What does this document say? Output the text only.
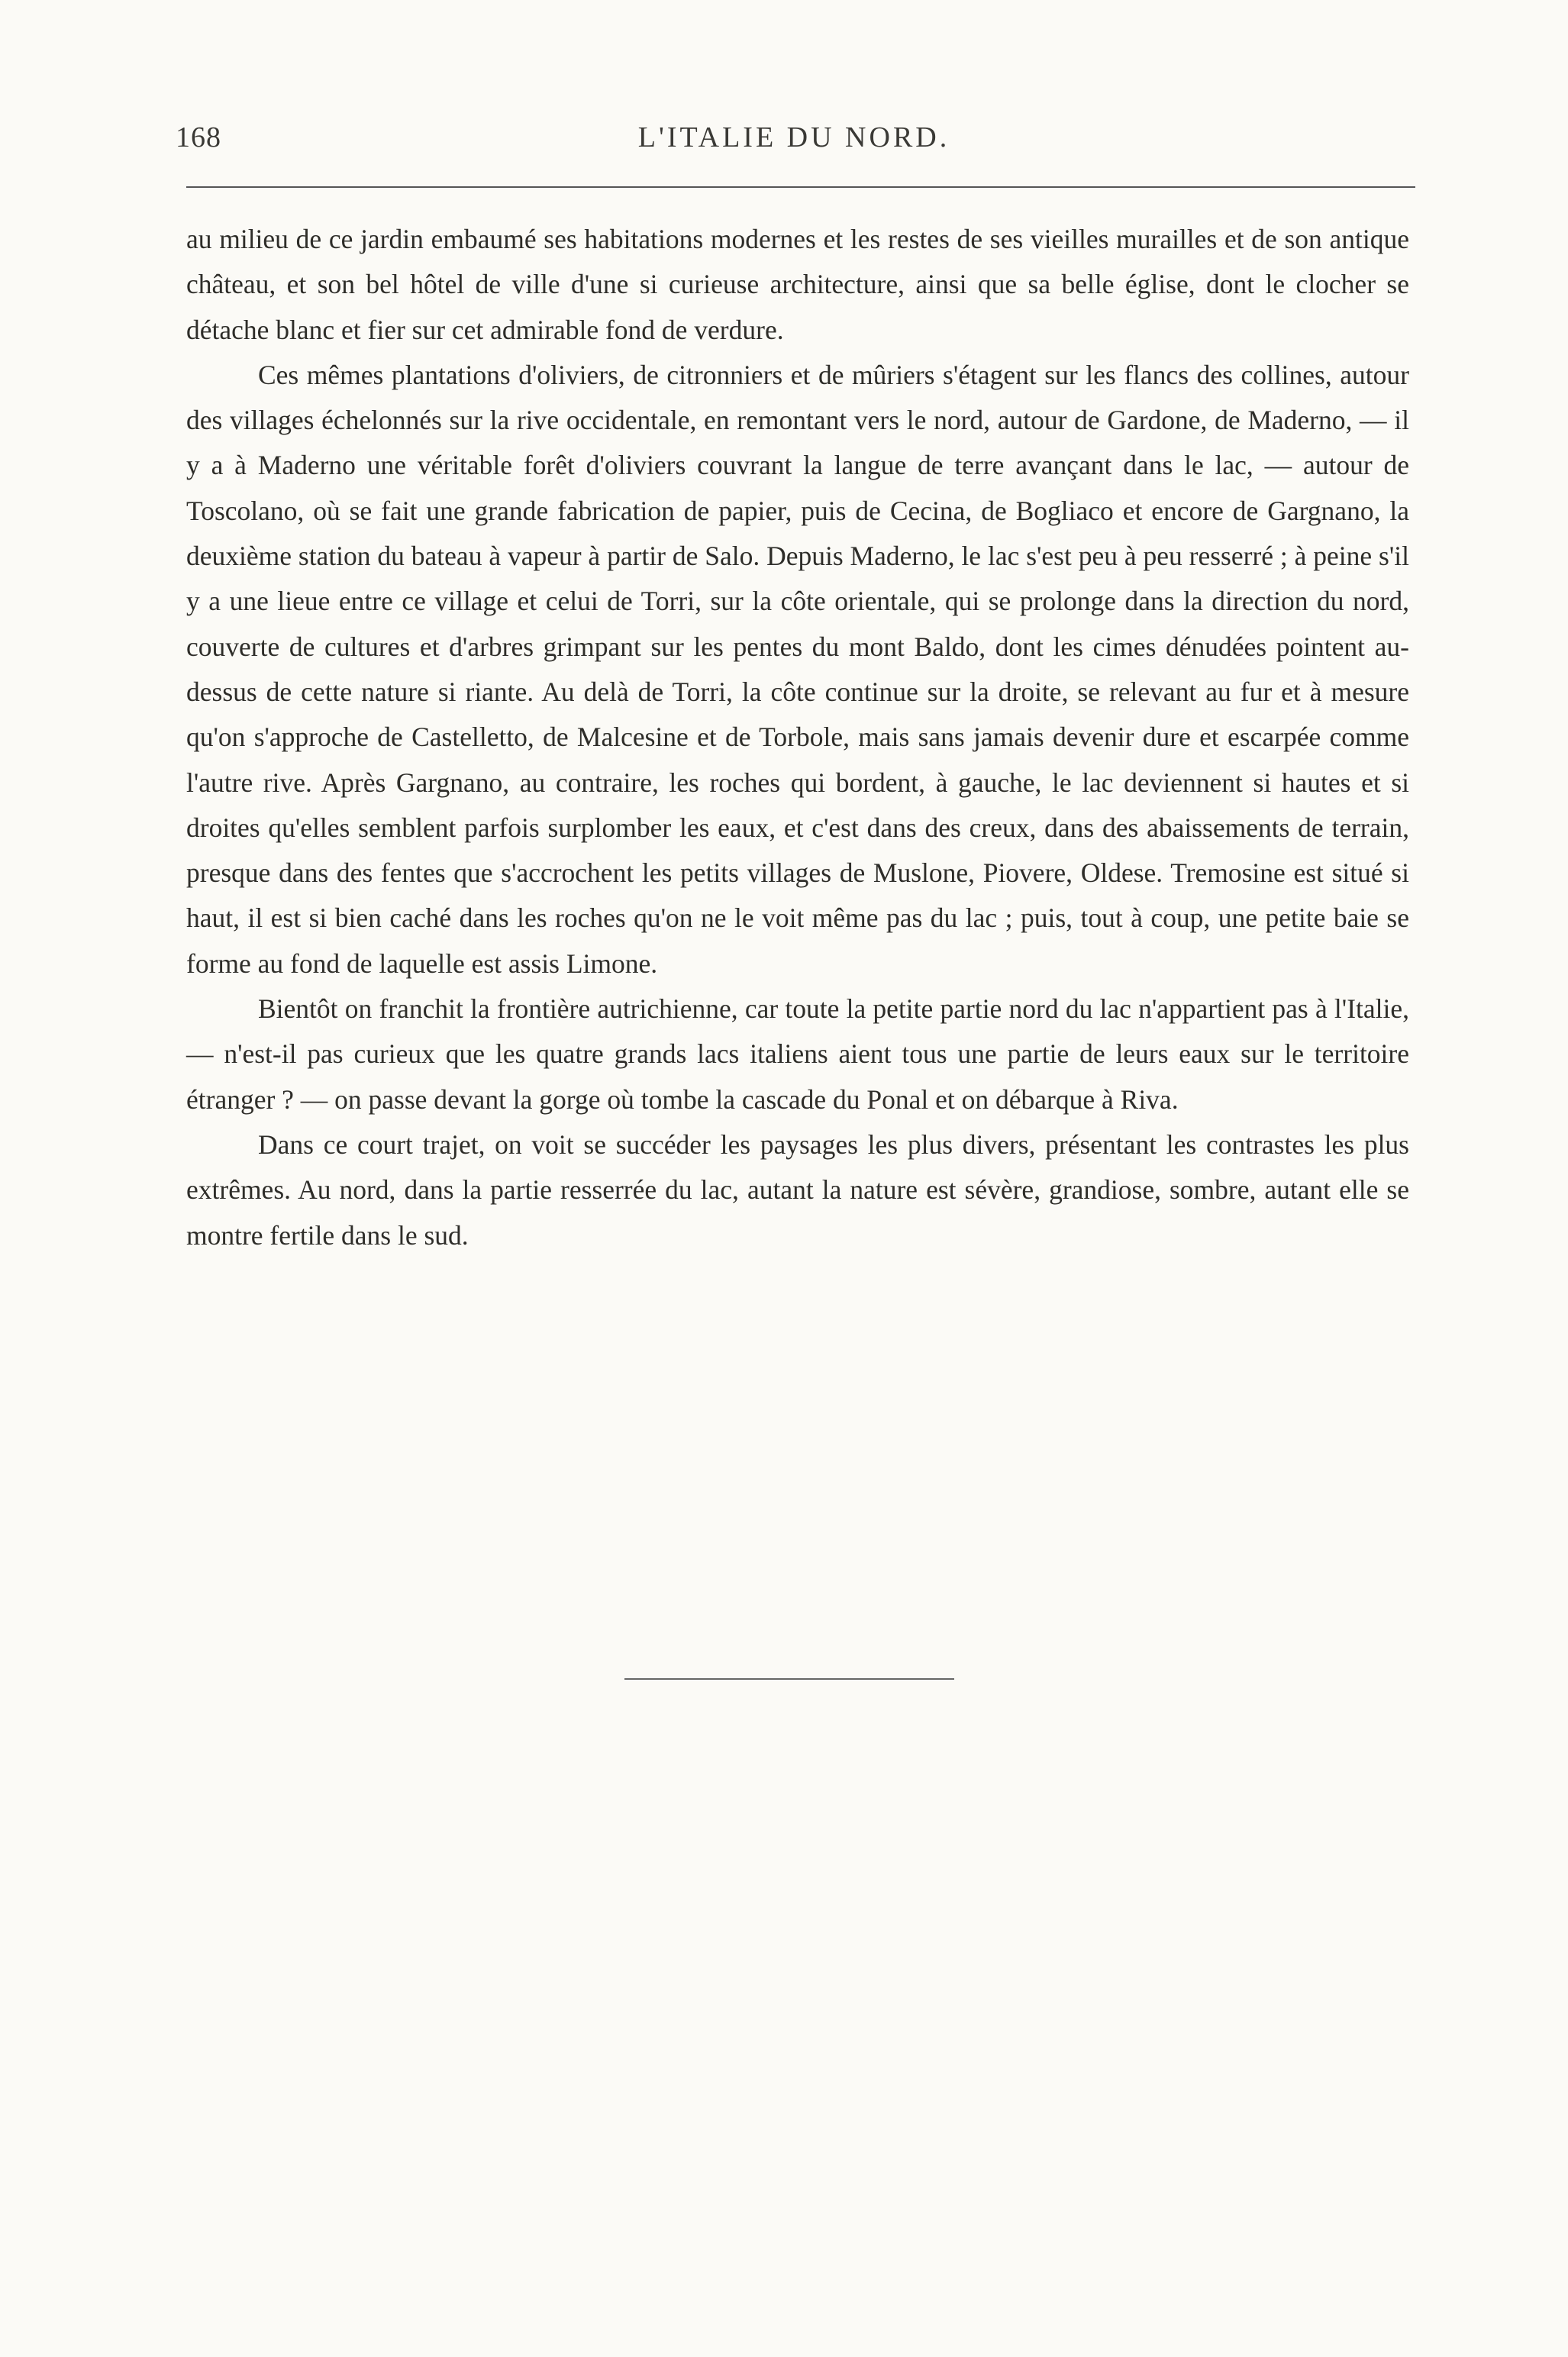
168	L'ITALIE DU NORD.

au milieu de ce jardin embaumé ses habitations modernes et les restes de ses vieilles murailles et de son antique château, et son bel hôtel de ville d'une si curieuse architecture, ainsi que sa belle église, dont le clocher se détache blanc et fier sur cet admirable fond de verdure.

Ces mêmes plantations d'oliviers, de citronniers et de mûriers s'étagent sur les flancs des collines, autour des villages échelonnés sur la rive occidentale, en remontant vers le nord, autour de Gardone, de Maderno, — il y a à Maderno une véritable forêt d'oliviers couvrant la langue de terre avançant dans le lac, — autour de Toscolano, où se fait une grande fabrication de papier, puis de Cecina, de Bogliaco et encore de Gargnano, la deuxième station du bateau à vapeur à partir de Salo. Depuis Maderno, le lac s'est peu à peu resserré ; à peine s'il y a une lieue entre ce village et celui de Torri, sur la côte orientale, qui se prolonge dans la direction du nord, couverte de cultures et d'arbres grimpant sur les pentes du mont Baldo, dont les cimes dénudées pointent au-dessus de cette nature si riante. Au delà de Torri, la côte continue sur la droite, se relevant au fur et à mesure qu'on s'approche de Castelletto, de Malcesine et de Torbole, mais sans jamais devenir dure et escarpée comme l'autre rive. Après Gargnano, au contraire, les roches qui bordent, à gauche, le lac deviennent si hautes et si droites qu'elles semblent parfois surplomber les eaux, et c'est dans des creux, dans des abaissements de terrain, presque dans des fentes que s'accrochent les petits villages de Muslone, Piovere, Oldese. Tremosine est situé si haut, il est si bien caché dans les roches qu'on ne le voit même pas du lac ; puis, tout à coup, une petite baie se forme au fond de laquelle est assis Limone.

Bientôt on franchit la frontière autrichienne, car toute la petite partie nord du lac n'appartient pas à l'Italie, — n'est-il pas curieux que les quatre grands lacs italiens aient tous une partie de leurs eaux sur le territoire étranger ? — on passe devant la gorge où tombe la cascade du Ponal et on débarque à Riva.

Dans ce court trajet, on voit se succéder les paysages les plus divers, présentant les contrastes les plus extrêmes. Au nord, dans la partie resserrée du lac, autant la nature est sévère, grandiose, sombre, autant elle se montre fertile dans le sud.
